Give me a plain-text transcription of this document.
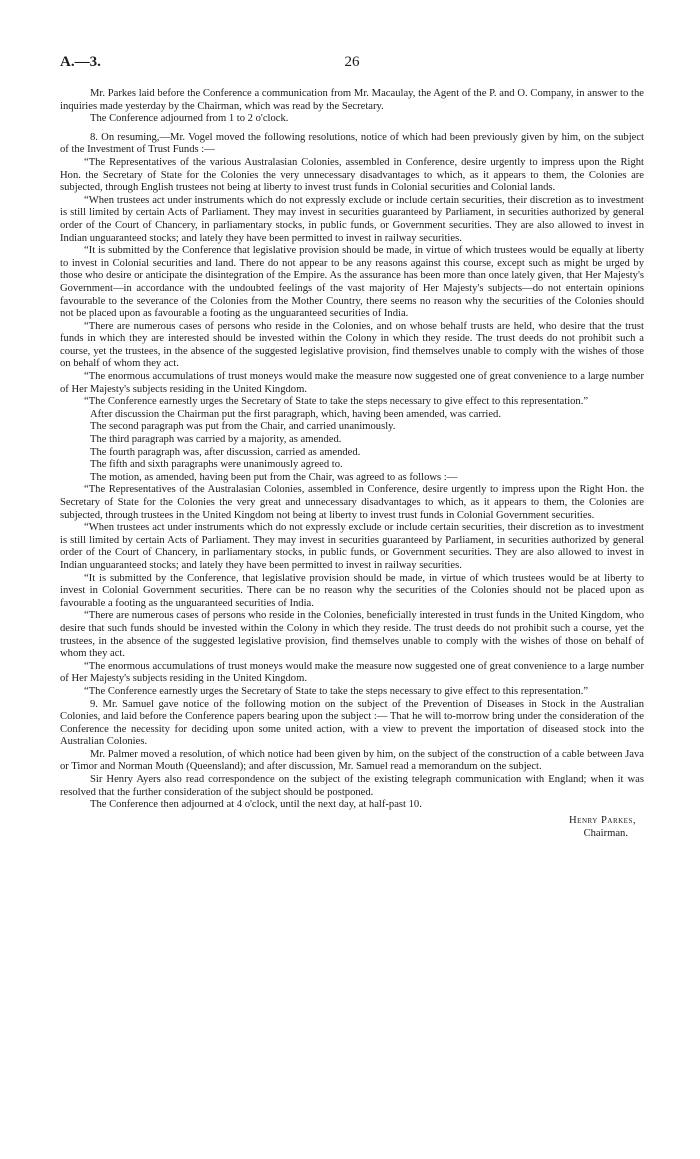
26
A.—3.

Mr. Parkes laid before the Conference a communication from Mr. Macaulay, the Agent of the P. and O. Company, in answer to the inquiries made yesterday by the Chairman, which was read by the Secretary.

The Conference adjourned from 1 to 2 o'clock.

8. On resuming,—Mr. Vogel moved the following resolutions, notice of which had been previously given by him, on the subject of the Investment of Trust Funds :—

“The Representatives of the various Australasian Colonies, assembled in Conference, desire urgently to impress upon the Right Hon. the Secretary of State for the Colonies the very unnecessary disadvantages to which, as it appears to them, the Colonies are subjected, through English trustees not being at liberty to invest trust funds in Colonial securities and Colonial lands.

“When trustees act under instruments which do not expressly exclude or include certain securities, their discretion as to investment is still limited by certain Acts of Parliament. They may invest in securities guaranteed by Parliament, in securities authorized by general order of the Court of Chancery, in parliamentary stocks, in public funds, or Government securities. They are also allowed to invest in Indian unguaranteed stocks; and lately they have been permitted to invest in railway securities.

“It is submitted by the Conference that legislative provision should be made, in virtue of which trustees would be equally at liberty to invest in Colonial securities and land. There do not appear to be any reasons against this course, except such as might be urged by those who desire or anticipate the disintegration of the Empire. As the assurance has been more than once lately given, that Her Majesty's Government—in accordance with the undoubted feelings of the vast majority of Her Majesty's subjects—do not entertain opinions favourable to the severance of the Colonies from the Mother Country, there seems no reason why the securities of the Colonies should not be placed upon as favourable a footing as the unguaranteed securities of India.

“There are numerous cases of persons who reside in the Colonies, and on whose behalf trusts are held, who desire that the trust funds in which they are interested should be invested within the Colony in which they reside. The trust deeds do not prohibit such a course, yet the trustees, in the absence of the suggested legislative provision, find themselves unable to comply with the wishes of those on behalf of whom they act.

“The enormous accumulations of trust moneys would make the measure now suggested one of great convenience to a large number of Her Majesty's subjects residing in the United Kingdom.

“The Conference earnestly urges the Secretary of State to take the steps necessary to give effect to this representation.”

After discussion the Chairman put the first paragraph, which, having been amended, was carried.

The second paragraph was put from the Chair, and carried unanimously.

The third paragraph was carried by a majority, as amended.

The fourth paragraph was, after discussion, carried as amended.

The fifth and sixth paragraphs were unanimously agreed to.

The motion, as amended, having been put from the Chair, was agreed to as follows :—

“The Representatives of the Australasian Colonies, assembled in Conference, desire urgently to impress upon the Right Hon. the Secretary of State for the Colonies the very great and unnecessary disadvantages to which, as it appears to them, the Colonies are subjected, through trustees in the United Kingdom not being at liberty to invest trust funds in Colonial Government securities.

“When trustees act under instruments which do not expressly exclude or include certain securities, their discretion as to investment is still limited by certain Acts of Parliament. They may invest in securities guaranteed by Parliament, in securities authorized by general order of the Court of Chancery, in parliamentary stocks, in public funds, or Government securities. They are also allowed to invest in Indian unguaranteed stocks; and lately they have been permitted to invest in railway securities.

“It is submitted by the Conference, that legislative provision should be made, in virtue of which trustees would be at liberty to invest in Colonial Government securities. There can be no reason why the securities of the Colonies should not be placed upon as favourable a footing as the unguaranteed securities of India.

“There are numerous cases of persons who reside in the Colonies, beneficially interested in trust funds in the United Kingdom, who desire that such funds should be invested within the Colony in which they reside. The trust deeds do not prohibit such a course, yet the trustees, in the absence of the suggested legislative provision, find themselves unable to comply with the wishes of those on behalf of whom they act.

“The enormous accumulations of trust moneys would make the measure now suggested one of great convenience to a large number of Her Majesty's subjects residing in the United Kingdom.

“The Conference earnestly urges the Secretary of State to take the steps necessary to give effect to this representation.”

9. Mr. Samuel gave notice of the following motion on the subject of the Prevention of Diseases in Stock in the Australian Colonies, and laid before the Conference papers bearing upon the subject :— That he will to-morrow bring under the consideration of the Conference the necessity for deciding upon some united action, with a view to prevent the importation of diseased stock into the Australian Colonies.

Mr. Palmer moved a resolution, of which notice had been given by him, on the subject of the construction of a cable between Java or Timor and Norman Mouth (Queensland); and after discussion, Mr. Samuel read a memorandum on the subject.

Sir Henry Ayers also read correspondence on the subject of the existing telegraph communication with England; when it was resolved that the further consideration of the subject should be postponed.

The Conference then adjourned at 4 o'clock, until the next day, at half-past 10.

Henry Parkes,
Chairman.
